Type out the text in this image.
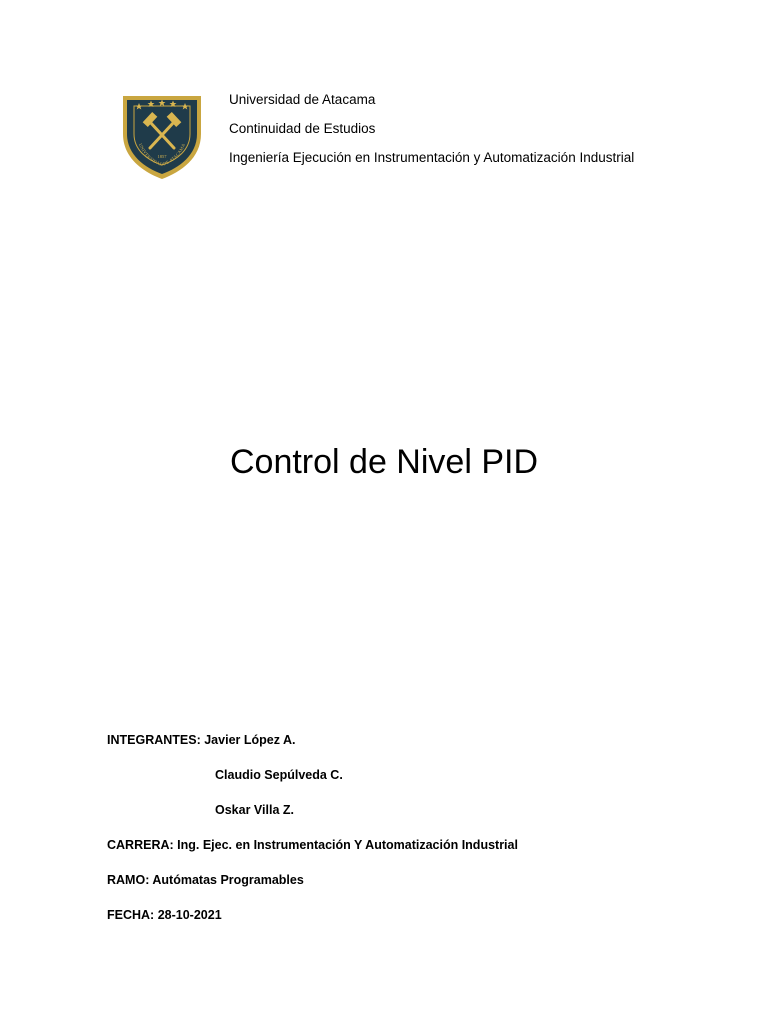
1857
UNIVERSIDAD DE ATACAMA
Universidad de Atacama
Continuidad de Estudios
Ingeniería Ejecución en Instrumentación y Automatización Industrial
Control de Nivel PID
INTEGRANTES: Javier López A.
Claudio Sepúlveda C.
Oskar Villa Z.
CARRERA: Ing. Ejec. en Instrumentación Y Automatización Industrial
RAMO: Autómatas Programables
FECHA: 28-10-2021
